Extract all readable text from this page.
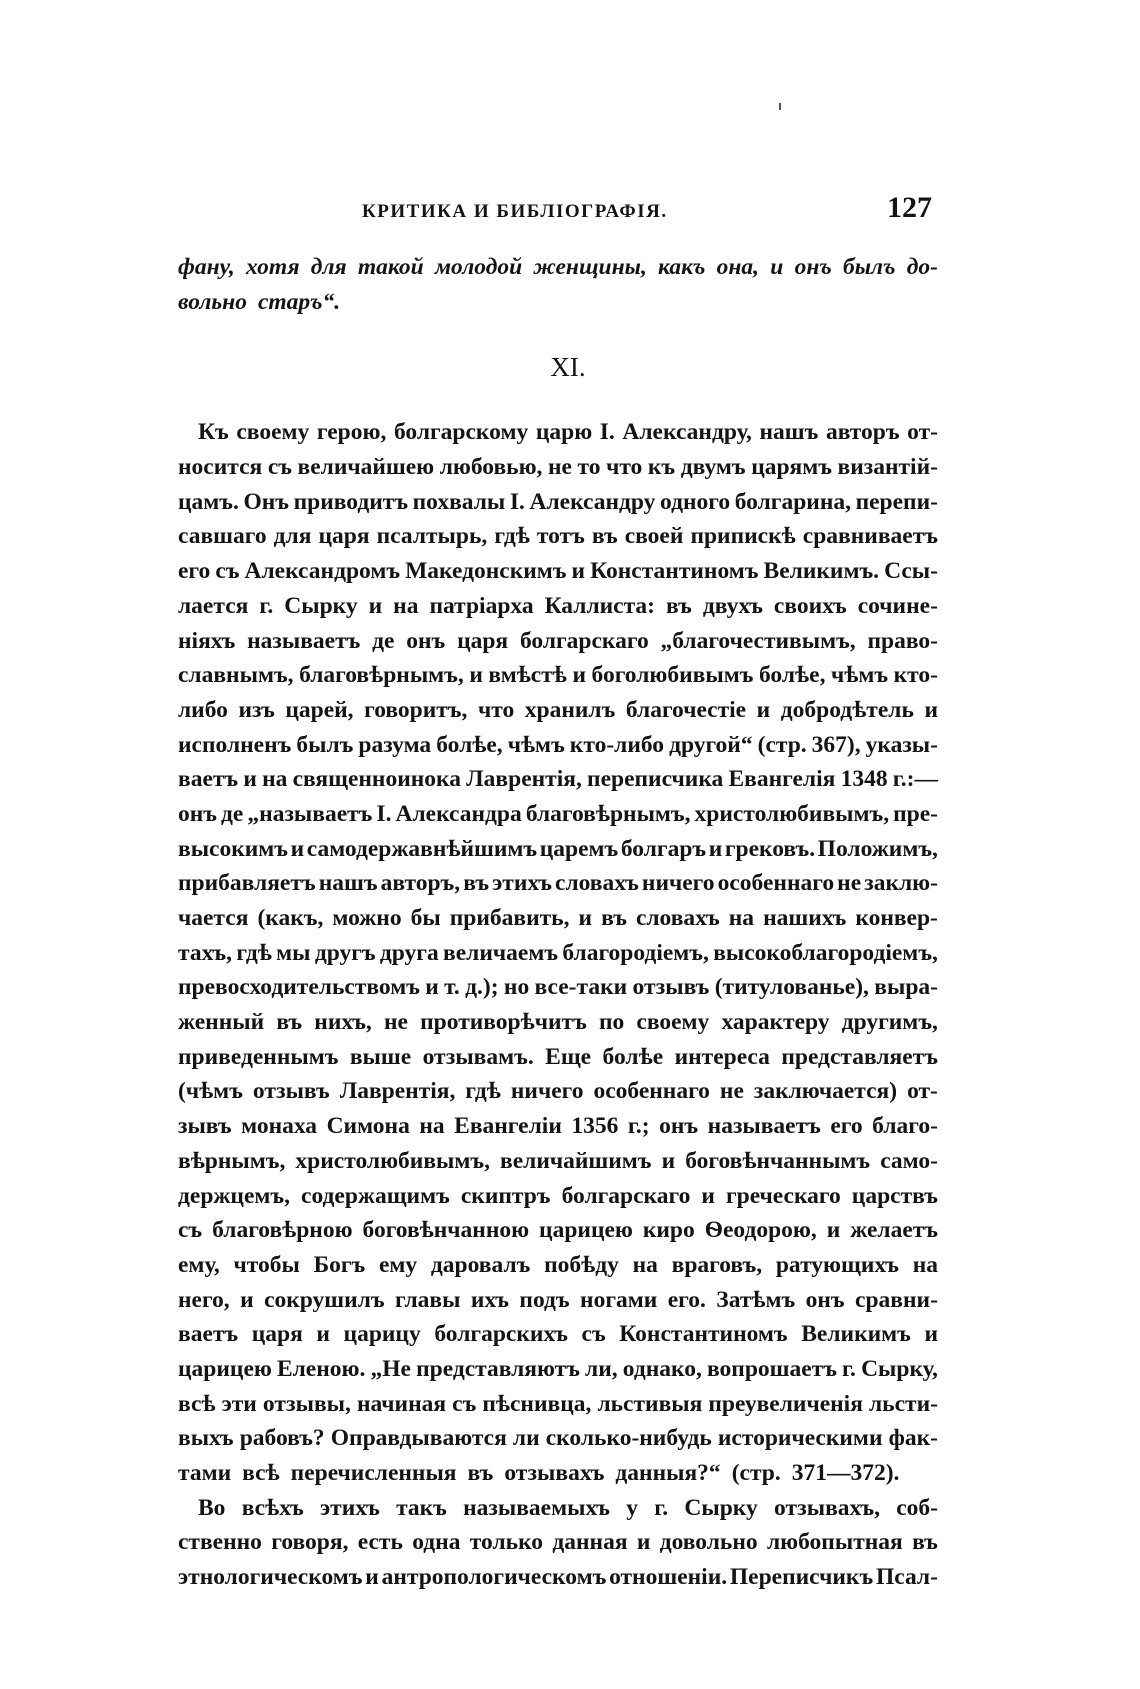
КРИТИКА И БИБЛІОГРАФІЯ.	127
фану, хотя для такой молодой женщины, какъ она, и онъ былъ до-
вольно старъ“.
XI.
Къ своему герою, болгарскому царю I. Александру, нашъ авторъ от-
носится съ величайшею любовью, не то что къ двумъ царямъ византій-
цамъ. Онъ приводитъ похвалы I. Александру одного болгарина, перепи-
савшаго для царя псалтырь, гдѣ тотъ въ своей припискѣ сравниваетъ
его съ Александромъ Македонскимъ и Константиномъ Великимъ. Ссы-
лается г. Сырку и на патріарха Каллиста: въ двухъ своихъ сочине-
ніяхъ называетъ де онъ царя болгарскаго „благочестивымъ, право-
славнымъ, благовѣрнымъ, и вмѣстѣ и боголюбивымъ болѣе, чѣмъ кто-
либо изъ царей, говоритъ, что хранилъ благочестіе и добродѣтель и
исполненъ былъ разума болѣе, чѣмъ кто-либо другой“ (стр. 367), указы-
ваетъ и на священноинока Лаврентія, переписчика Евангелія 1348 г.:—
онъ де „называетъ I. Александра благовѣрнымъ, христолюбивымъ, пре-
высокимъ и самодержавнѣйшимъ царемъ болгаръ и грековъ. Положимъ,
прибавляетъ нашъ авторъ, въ этихъ словахъ ничего особеннаго не заклю-
чается (какъ, можно бы прибавить, и въ словахъ на нашихъ конвер-
тахъ, гдѣ мы другъ друга величаемъ благородіемъ, высокоблагородіемъ,
превосходительствомъ и т. д.); но все-таки отзывъ (титулованье), выра-
женный въ нихъ, не противорѣчитъ по своему характеру другимъ,
приведеннымъ выше отзывамъ. Еще болѣе интереса представляетъ
(чѣмъ отзывъ Лаврентія, гдѣ ничего особеннаго не заключается) от-
зывъ монаха Симона на Евангеліи 1356 г.; онъ называетъ его благо-
вѣрнымъ, христолюбивымъ, величайшимъ и боговѣнчаннымъ само-
держцемъ, содержащимъ скиптръ болгарскаго и греческаго царствъ
съ благовѣрною боговѣнчанною царицею киро Ѳеодорою, и желаетъ
ему, чтобы Богъ ему даровалъ побѣду на враговъ, ратующихъ на
него, и сокрушилъ главы ихъ подъ ногами его. Затѣмъ онъ сравни-
ваетъ царя и царицу болгарскихъ съ Константиномъ Великимъ и
царицею Еленою. „Не представляютъ ли, однако, вопрошаетъ г. Сырку,
всѣ эти отзывы, начиная съ пѣснивца, льстивыя преувеличенія льсти-
выхъ рабовъ? Оправдываются ли сколько-нибудь историческими фак-
тами всѣ перечисленныя въ отзывахъ данныя?“ (стр. 371—372).
Во всѣхъ этихъ такъ называемыхъ у г. Сырку отзывахъ, соб-
ственно говоря, есть одна только данная и довольно любопытная въ
этнологическомъ и антропологическомъ отношеніи. Переписчикъ Псал-
